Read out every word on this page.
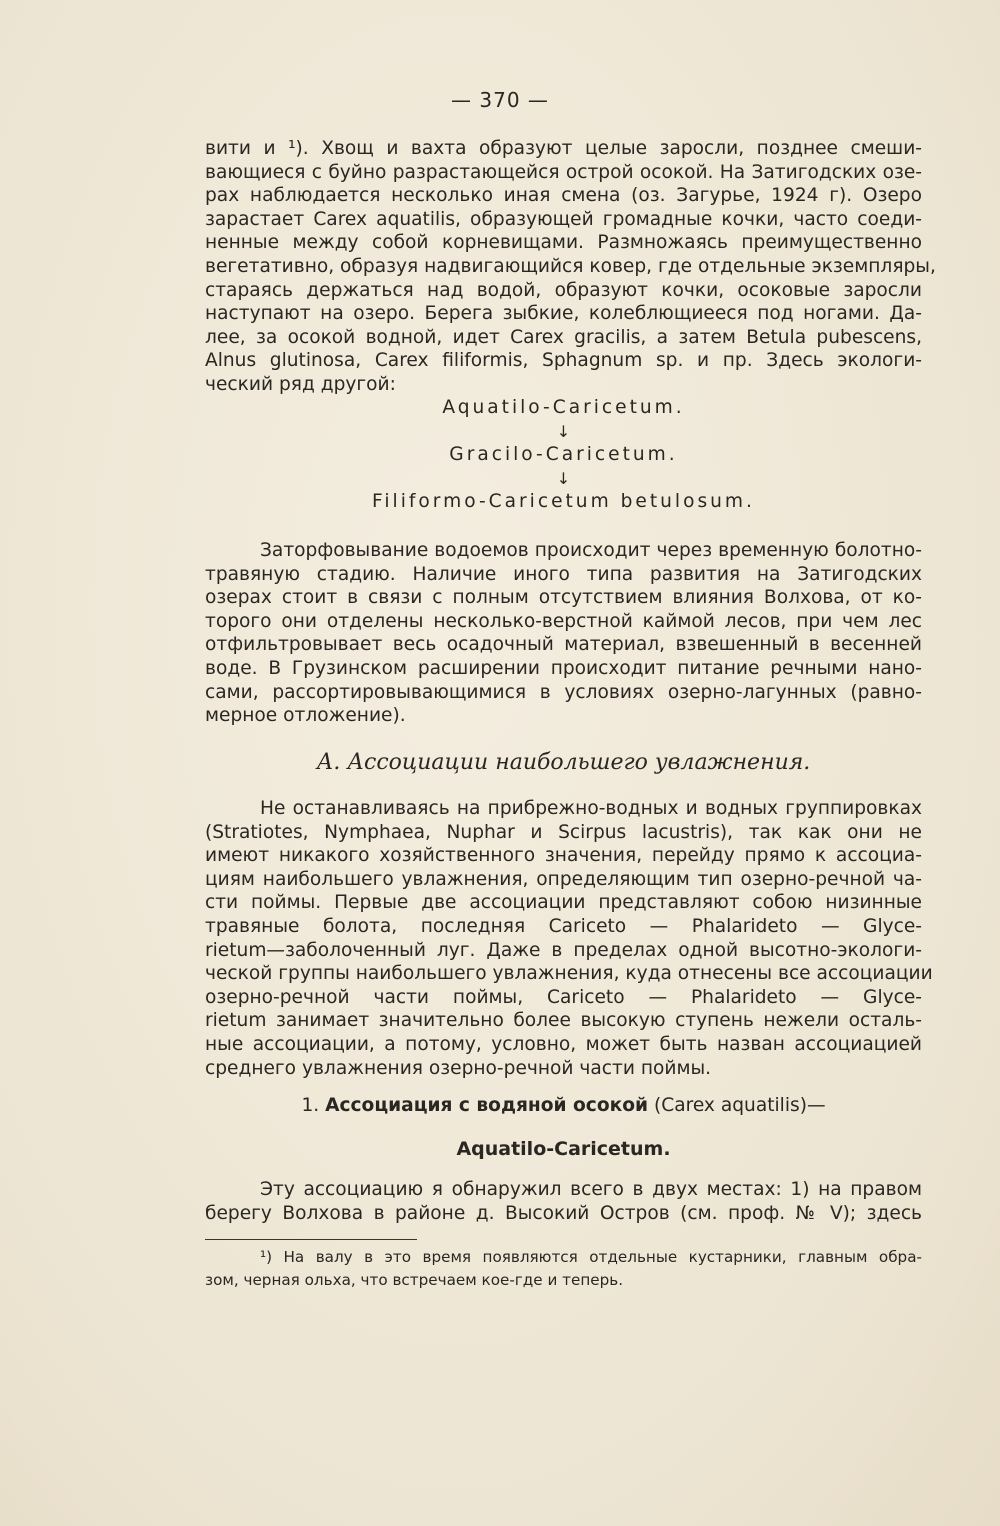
— 370 —
вити и ¹). Хвощ и вахта образуют целые заросли, позднее смеши-
вающиеся с буйно разрастающейся острой осокой. На Затигодских озе-
рах наблюдается несколько иная смена (оз. Загурье, 1924 г). Озеро
зарастает Carex aquatilis, образующей громадные кочки, часто соеди-
ненные между собой корневищами. Размножаясь преимущественно
вегетативно, образуя надвигающийся ковер, где отдельные экземпляры,
стараясь держаться над водой, образуют кочки, осоковые заросли
наступают на озеро. Берега зыбкие, колеблющиееся под ногами. Да-
лее, за осокой водной, идет Carex gracilis, а затем Betula pubescens,
Alnus glutinosa, Carex filiformis, Sphagnum sp. и пр. Здесь экологи-
ческий ряд другой:
Aquatilo-Caricetum.
↓
Gracilo-Caricetum.
↓
Filiformo-Caricetum betulosum.
Заторфовывание водоемов происходит через временную болотно-
травяную стадию. Наличие иного типа развития на Затигодских
озерах стоит в связи с полным отсутствием влияния Волхова, от ко-
торого они отделены несколько-верстной каймой лесов, при чем лес
отфильтровывает весь осадочный материал, взвешенный в весенней
воде. В Грузинском расширении происходит питание речными нано-
сами, рассортировывающимися в условиях озерно-лагунных (равно-
мерное отложение).
А. Ассоциации наибольшего увлажнения.
Не останавливаясь на прибрежно-водных и водных группировках
(Stratiotes, Nymphaea, Nuphar и Scirpus lacustris), так как они не
имеют никакого хозяйственного значения, перейду прямо к ассоциа-
циям наибольшего увлажнения, определяющим тип озерно-речной ча-
сти поймы. Первые две ассоциации представляют собою низинные
травяные болота, последняя Cariceto — Phalarideto — Glyce-
rietum—заболоченный луг. Даже в пределах одной высотно-экологи-
ческой группы наибольшего увлажнения, куда отнесены все ассоциации
озерно-речной части поймы, Cariceto — Phalarideto — Glyce-
rietum занимает значительно более высокую ступень нежели осталь-
ные ассоциации, а потому, условно, может быть назван ассоциацией
среднего увлажнения озерно-речной части поймы.
1. Ассоциация с водяной осокой (Carex aquatilis)—
Aquatilo-Caricetum.
Эту ассоциацию я обнаружил всего в двух местах: 1) на правом
берегу Волхова в районе д. Высокий Остров (см. проф. № V); здесь
¹) На валу в это время появляются отдельные кустарники, главным обра-
зом, черная ольха, что встречаем кое-где и теперь.
